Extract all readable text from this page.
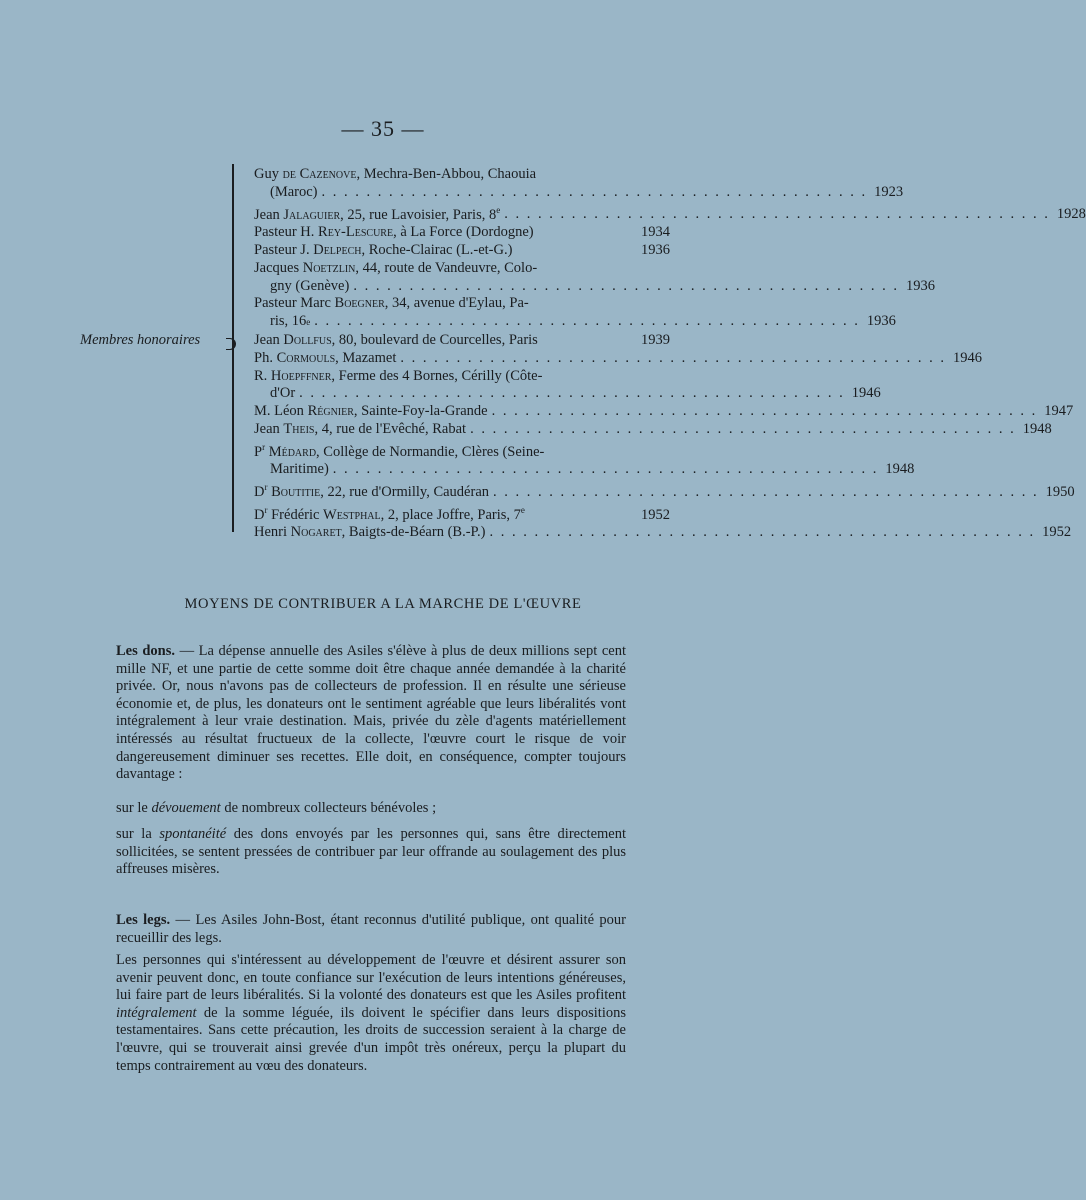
— 35 —
Membres honoraires
Guy de Cazenove, Mechra-Ben-Abbou, Chaouia
(Maroc) . . . . . . . . . . . . . . . . . . . . . . . . . . . . . . . . . . . . . . . . . . . . . . . . . 1923
Jean Jalaguier, 25, rue Lavoisier, Paris, 8e . . . . . . . . . . . . . . . . . . . . . . . . . . . . . . . . . . . . . . . . . . . . . . . . . 1928
Pasteur H. Rey-Lescure, à La Force (Dordogne)	1934
Pasteur J. Delpech, Roche-Clairac (L.-et-G.)	1936
Jacques Noetzlin, 44, route de Vandeuvre, Colo-
gny (Genève) . . . . . . . . . . . . . . . . . . . . . . . . . . . . . . . . . . . . . . . . . . . . . . . . . 1936
Pasteur Marc Boegner, 34, avenue d'Eylau, Pa-
ris, 16 e . . . . . . . . . . . . . . . . . . . . . . . . . . . . . . . . . . . . . . . . . . . . . . . . . 1936
Jean Dollfus, 80, boulevard de Courcelles, Paris	1939
Ph. Cormouls, Mazamet . . . . . . . . . . . . . . . . . . . . . . . . . . . . . . . . . . . . . . . . . . . . . . . . . 1946
R. Hoepffner, Ferme des 4 Bornes, Cérilly (Côte-
d'Or . . . . . . . . . . . . . . . . . . . . . . . . . . . . . . . . . . . . . . . . . . . . . . . . . 1946
M. Léon Régnier, Sainte-Foy-la-Grande . . . . . . . . . . . . . . . . . . . . . . . . . . . . . . . . . . . . . . . . . . . . . . . . . 1947
Jean Theis, 4, rue de l'Evêché, Rabat . . . . . . . . . . . . . . . . . . . . . . . . . . . . . . . . . . . . . . . . . . . . . . . . . 1948
$P^r$ Médard, Collège de Normandie, Clères (Seine-
Maritime) . . . . . . . . . . . . . . . . . . . . . . . . . . . . . . . . . . . . . . . . . . . . . . . . . 1948
$D^r$ Boutitie, 22, rue d'Ormilly, Caudéran . . . . . . . . . . . . . . . . . . . . . . . . . . . . . . . . . . . . . . . . . . . . . . . . . 1950
$D^r$ Frédéric Westphal, 2, place Joffre, Paris, 7e	1952
Henri Nogaret, Baigts-de-Béarn (B.-P.) . . . . . . . . . . . . . . . . . . . . . . . . . . . . . . . . . . . . . . . . . . . . . . . . . 1952
MOYENS DE CONTRIBUER A LA MARCHE DE L'ŒUVRE
Les dons. — La dépense annuelle des Asiles s'élève à plus de deux millions sept cent mille NF, et une partie de cette somme doit être chaque année demandée à la charité privée. Or, nous n'avons pas de collecteurs de profession. Il en résulte une sérieuse économie et, de plus, les donateurs ont le sentiment agréable que leurs libéralités vont intégralement à leur vraie destination. Mais, privée du zèle d'agents matériellement intéressés au résultat fructueux de la collecte, l'œuvre court le risque de voir dangereusement diminuer ses recettes. Elle doit, en conséquence, compter toujours davantage :
sur le dévouement de nombreux collecteurs bénévoles ;
sur la spontanéité des dons envoyés par les personnes qui, sans être directement sollicitées, se sentent pressées de contribuer par leur offrande au soulagement des plus affreuses misères.
Les legs. — Les Asiles John-Bost, étant reconnus d'utilité publique, ont qualité pour recueillir des legs.
Les personnes qui s'intéressent au développement de l'œuvre et désirent assurer son avenir peuvent donc, en toute confiance sur l'exécution de leurs intentions généreuses, lui faire part de leurs libéralités. Si la volonté des donateurs est que les Asiles profitent intégralement de la somme léguée, ils doivent le spécifier dans leurs dispositions testamentaires. Sans cette précaution, les droits de succession seraient à la charge de l'œuvre, qui se trouverait ainsi grevée d'un impôt très onéreux, perçu la plupart du temps contrairement au vœu des donateurs.
